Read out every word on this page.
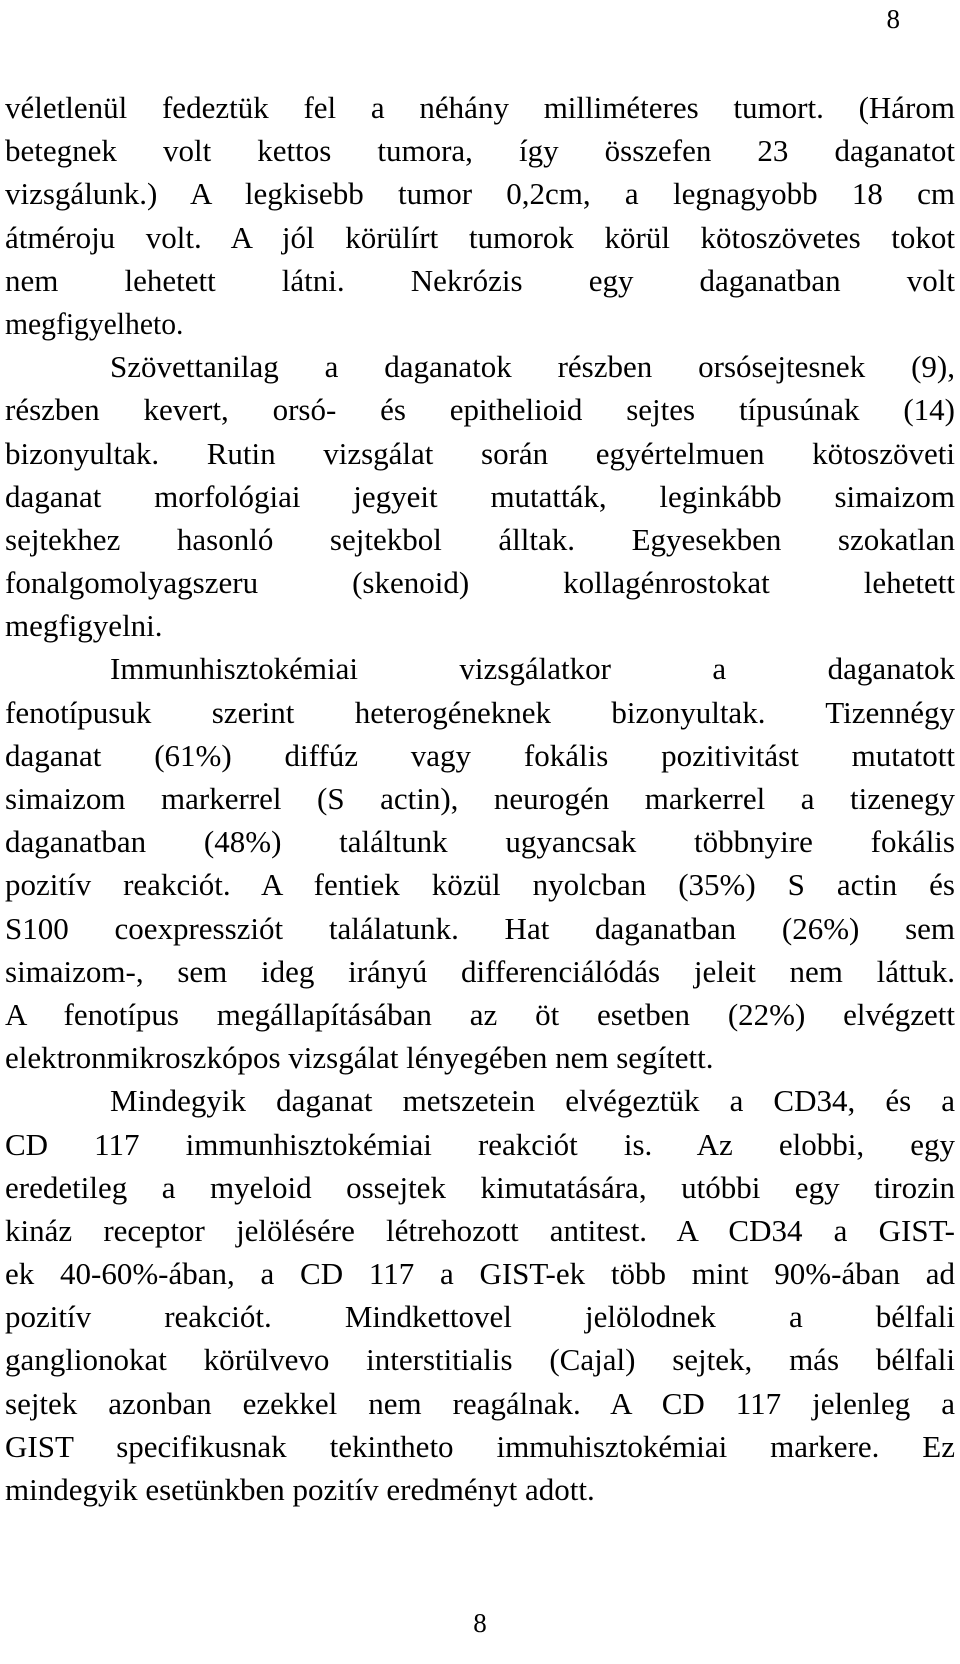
8
véletlenül fedeztük fel a néhány milliméteres tumort. (Három
betegnek volt kettos tumora, így összefen 23 daganatot
vizsgálunk.) A legkisebb tumor 0,2cm, a legnagyobb 18 cm
átméroju volt. A jól körülírt tumorok körül kötoszövetes tokot
nem lehetett látni. Nekrózis egy daganatban volt
megfigyelheto.
Szövettanilag a daganatok részben orsósejtesnek (9),
részben kevert, orsó- és epithelioid sejtes típusúnak (14)
bizonyultak. Rutin vizsgálat során egyértelmuen kötoszöveti
daganat morfológiai jegyeit mutatták, leginkább simaizom
sejtekhez hasonló sejtekbol álltak. Egyesekben szokatlan
fonalgomolyagszeru (skenoid) kollagénrostokat lehetett
megfigyelni.
Immunhisztokémiai vizsgálatkor a daganatok
fenotípusuk szerint heterogéneknek bizonyultak. Tizennégy
daganat (61%) diffúz vagy fokális pozitivitást mutatott
simaizom markerrel (S actin), neurogén markerrel a tizenegy
daganatban (48%) találtunk ugyancsak többnyire fokális
pozitív reakciót. A fentiek közül nyolcban (35%) S actin és
S100 coexpressziót találatunk. Hat daganatban (26%) sem
simaizom-, sem ideg irányú differenciálódás jeleit nem láttuk.
A fenotípus megállapításában az öt esetben (22%) elvégzett
elektronmikroszkópos vizsgálat lényegében nem segített.
Mindegyik daganat metszetein elvégeztük a CD34, és a
CD 117 immunhisztokémiai reakciót is. Az elobbi, egy
eredetileg a myeloid ossejtek kimutatására, utóbbi egy tirozin
kináz receptor jelölésére létrehozott antitest. A CD34 a GIST-
ek 40-60%-ában, a CD 117 a GIST-ek több mint 90%-ában ad
pozitív reakciót. Mindkettovel jelölodnek a bélfali
ganglionokat körülvevo interstitialis (Cajal) sejtek, más bélfali
sejtek azonban ezekkel nem reagálnak. A CD 117 jelenleg a
GIST specifikusnak tekintheto immuhisztokémiai markere. Ez
mindegyik esetünkben pozitív eredményt adott.
8
